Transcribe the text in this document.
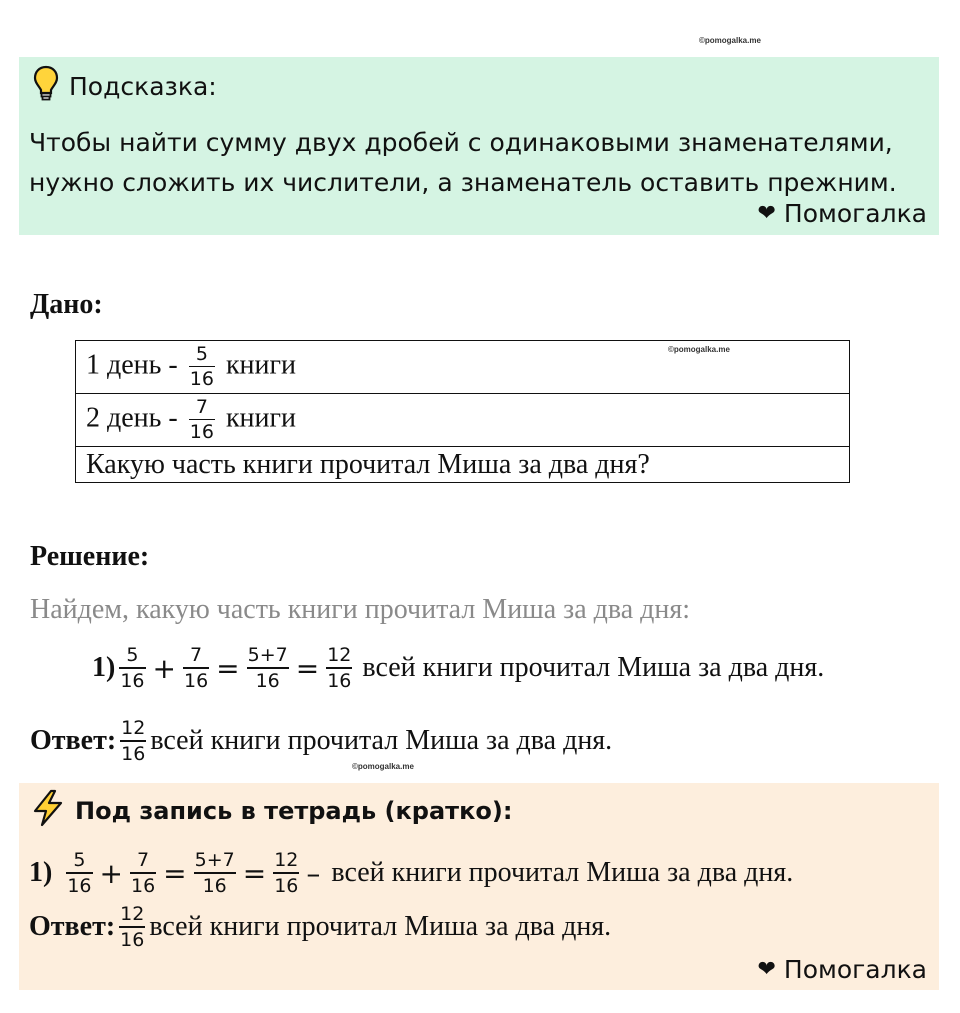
©pomogalka.me
Подсказка:
Чтобы найти сумму двух дробей с одинаковыми знаменателями,
нужно сложить их числители, а знаменатель оставить прежним.
❤ Помогалка
Дано:
1 день - $\frac{5}{16}$ книги	©pomogalka.me

2 день - $\frac{7}{16}$ книги
Какую часть книги прочитал Миша за два дня?
Решение:
Найдем, какую часть книги прочитал Миша за два дня:
$1) \frac{5}{16} + \frac{7}{16} = \frac{5+7}{16} = \frac{12}{16}$ всей книги прочитал Миша за два дня.
Ответ: $\frac{12}{16}$ всей книги прочитал Миша за два дня.
©pomogalka.me
Под запись в тетрадь (кратко):
$1) \frac{5}{16} + \frac{7}{16} = \frac{5+7}{16} = \frac{12}{16}$ – всей книги прочитал Миша за два дня.
Ответ: $\frac{12}{16}$ всей книги прочитал Миша за два дня.
❤ Помогалка
